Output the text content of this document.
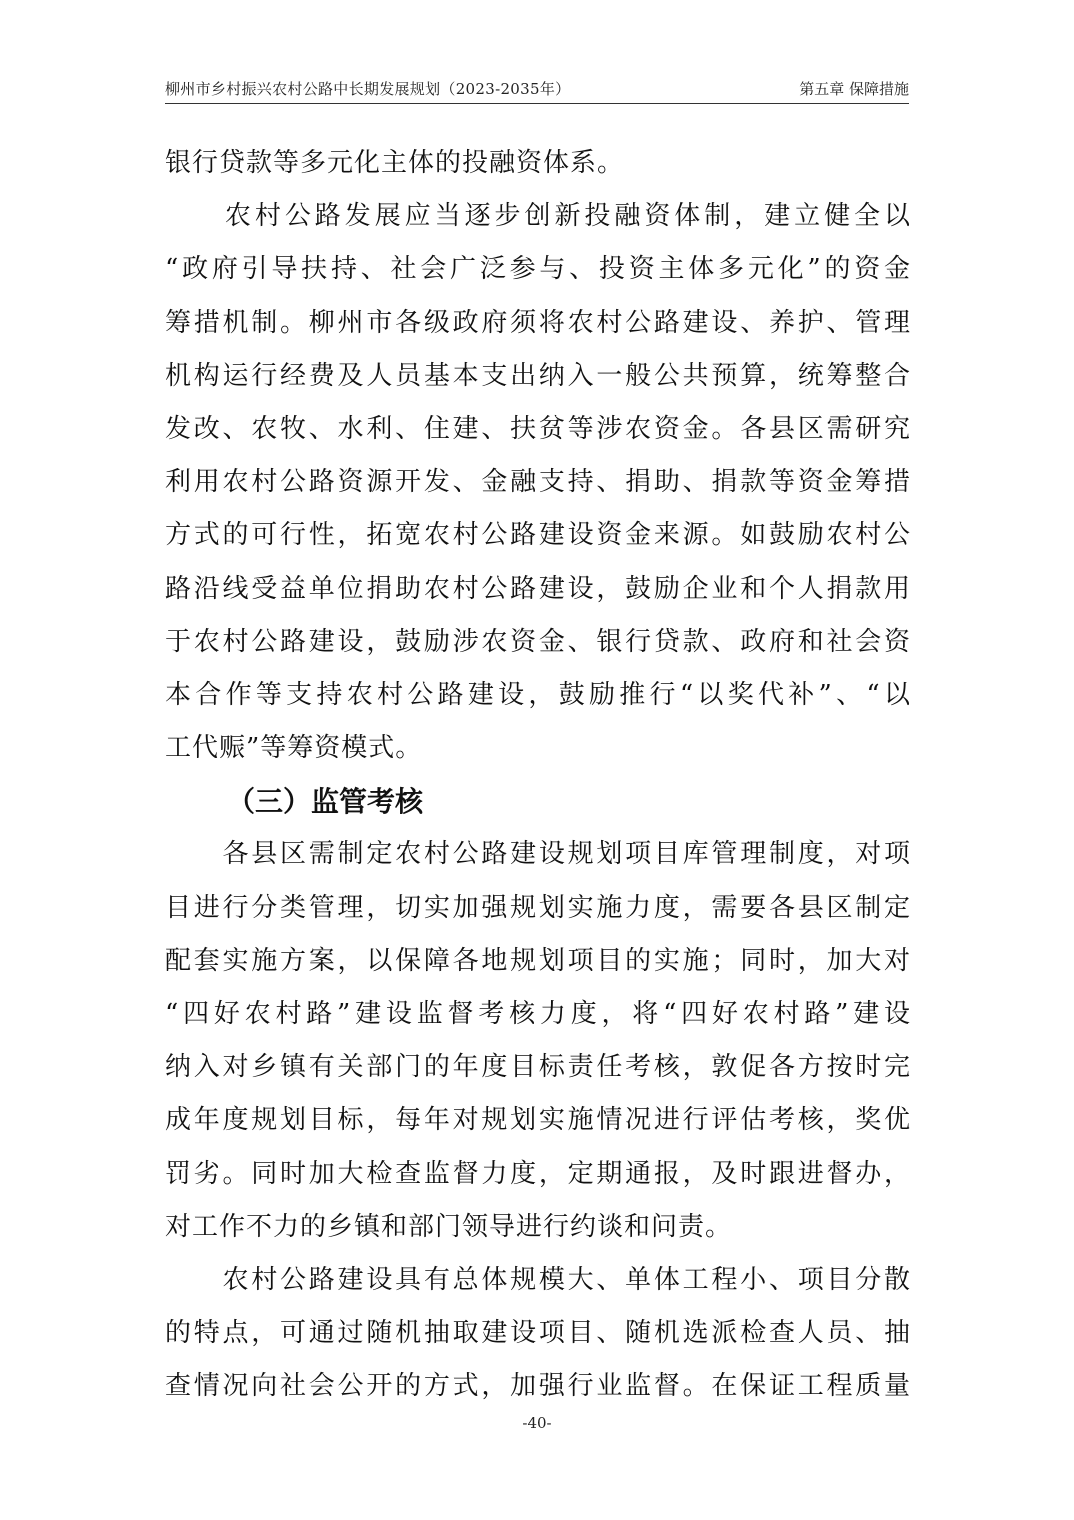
柳州市乡村振兴农村公路中长期发展规划（2023-2035年）	第五章 保障措施
银行贷款等多元化主体的投融资体系。
　　农村公路发展应当逐步创新投融资体制，建立健全以
“政府引导扶持、社会广泛参与、投资主体多元化”的资金
筹措机制。柳州市各级政府须将农村公路建设、养护、管理
机构运行经费及人员基本支出纳入一般公共预算，统筹整合
发改、农牧、水利、住建、扶贫等涉农资金。各县区需研究
利用农村公路资源开发、金融支持、捐助、捐款等资金筹措
方式的可行性，拓宽农村公路建设资金来源。如鼓励农村公
路沿线受益单位捐助农村公路建设，鼓励企业和个人捐款用
于农村公路建设，鼓励涉农资金、银行贷款、政府和社会资
本合作等支持农村公路建设，鼓励推行“以奖代补”、“以
工代赈”等筹资模式。
（三）监管考核
　　各县区需制定农村公路建设规划项目库管理制度，对项
目进行分类管理，切实加强规划实施力度，需要各县区制定
配套实施方案，以保障各地规划项目的实施；同时，加大对
“四好农村路”建设监督考核力度，将“四好农村路”建设
纳入对乡镇有关部门的年度目标责任考核，敦促各方按时完
成年度规划目标，每年对规划实施情况进行评估考核，奖优
罚劣。同时加大检查监督力度，定期通报，及时跟进督办，
对工作不力的乡镇和部门领导进行约谈和问责。
　　农村公路建设具有总体规模大、单体工程小、项目分散
的特点，可通过随机抽取建设项目、随机选派检查人员、抽
查情况向社会公开的方式，加强行业监督。在保证工程质量
-40-
